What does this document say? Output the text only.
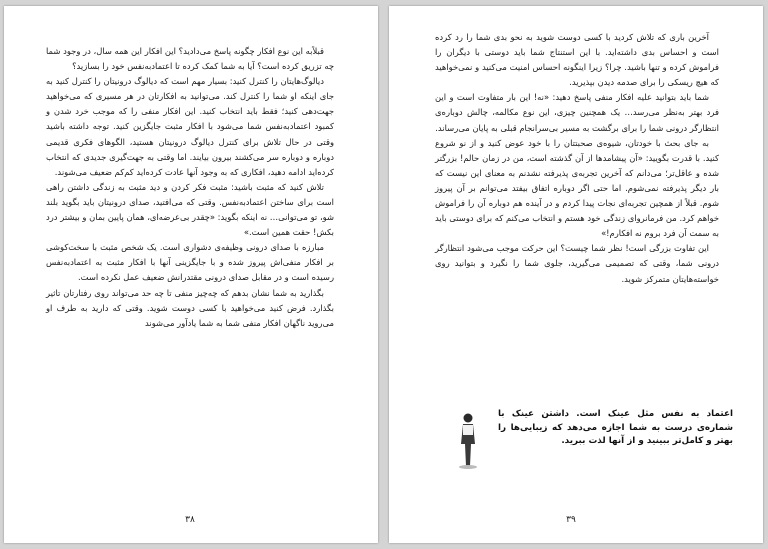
قبلاًبه این نوع افکار چگونه پاسخ می‌دادید؟ این افکار این همه سال، در وجود شما چه تزریق کرده است؟ آیا به شما کمک کرده تا اعتمادبه‌نفس خود را بسازید؟

دیالوگ‌هایتان را کنترل کنید: بسیار مهم است که دیالوگ درونیتان را کنترل کنید به جای اینکه او شما را کنترل کند. می‌توانید به افکارتان در هر مسیری که می‌خواهید جهت‌دهی کنید؛ فقط باید انتخاب کنید. این افکار منفی را که موجب خرد شدن و کمبود اعتمادبه‌نفس شما می‌شود با افکار مثبت جایگزین کنید. توجه داشته باشید وقتی در حال تلاش برای کنترل دیالوگ درونیتان هستید، الگوهای فکری قدیمی دوباره و دوباره سر می‌کشند بیرون بیایند. اما وقتی به جهت‌گیری جدیدی که انتخاب کرده‌اید ادامه دهید، افکاری که به وجود آنها عادت کرده‌اید کم‌کم ضعیف می‌شوند.

تلاش کنید که مثبت باشید: مثبت فکر کردن و دید مثبت به زندگی داشتن راهی است برای ساختن اعتمادبه‌نفس. وقتی که می‌افتید، صدای درونیتان باید بگوید بلند شو، تو می‌توانی… نه اینکه بگوید: «چقدر بی‌عرضه‌ای، همان پایین بمان و بیشتر درد بکش! حقت همین است.»

مبارزه با صدای درونی وظیفه‌ی دشواری است. یک شخص مثبت با سخت‌کوشی بر افکار منفی‌اش پیروز شده و با جایگزینی آنها با افکار مثبت به اعتمادبه‌نفس رسیده است و در مقابل صدای درونی مقتدرانش ضعیف عمل نکرده است.

بگذارید به شما نشان بدهم که چه‌چیز منفی تا چه حد می‌تواند روی رفتارتان تاثیر بگذارد. فرض کنید می‌خواهید با کسی دوست شوید. وقتی که دارید به طرف او می‌روید ناگهان افکار منفی شما به شما یادآور می‌شوند

۳۸

آخرین باری که تلاش کردید با کسی دوست شوید به نحو بدی شما را رد کرده است و احساس بدی داشته‌اید. با این استنتاج شما باید دوستی با دیگران را فراموش کرده و تنها باشید. چرا؟ زیرا اینگونه احساس امنیت می‌کنید و نمی‌خواهید که هیچ ریسکی را برای صدمه دیدن بپذیرید.

شما باید بتوانید علیه افکار منفی پاسخ دهید: «نه! این بار متفاوت است و این فرد بهتر به‌نظر می‌رسد… یک همچنین چیزی، این نوع مکالمه، چالش دوباره‌ی انتظارگر درونی شما را برای برگشت به مسیر بی‌سرانجام قبلی به پایان می‌رساند.

به جای بحث با خودتان، شیوه‌ی صحبتتان را با خود عوض کنید و از نو شروع کنید. با قدرت بگویید: «آن پیشامدها از آن گذشته است، من در زمان حالم! بزرگتر شده و عاقل‌تر؛ می‌دانم که آخرین تجربه‌ی پذیرفته نشدنم به معنای این نیست که بار دیگر پذیرفته نمی‌شوم. اما حتی اگر دوباره اتفاق بیفتد می‌توانم بر آن پیروز شوم. قبلاً از همچین تجربه‌ای نجات پیدا کردم و در آینده هم دوباره آن را فراموش خواهم کرد. من فرمانروای زندگی خود هستم و انتخاب می‌کنم که برای دوستی باید به سمت آن فرد بروم نه افکارم!»

این تفاوت بزرگی است! نظر شما چیست؟ این حرکت موجب می‌شود انتظارگر درونی شما، وقتی که تصمیمی می‌گیرید، جلوی شما را نگیرد و بتوانید روی خواسته‌هایتان متمرکز شوید.

اعتماد به نفس مثل عینک است. داشتن عینک با شماره‌ی درست به شما اجازه می‌دهد که زیبایی‌ها را بهتر و کامل‌تر ببینید و از آنها لذت ببرید.
۳۹
